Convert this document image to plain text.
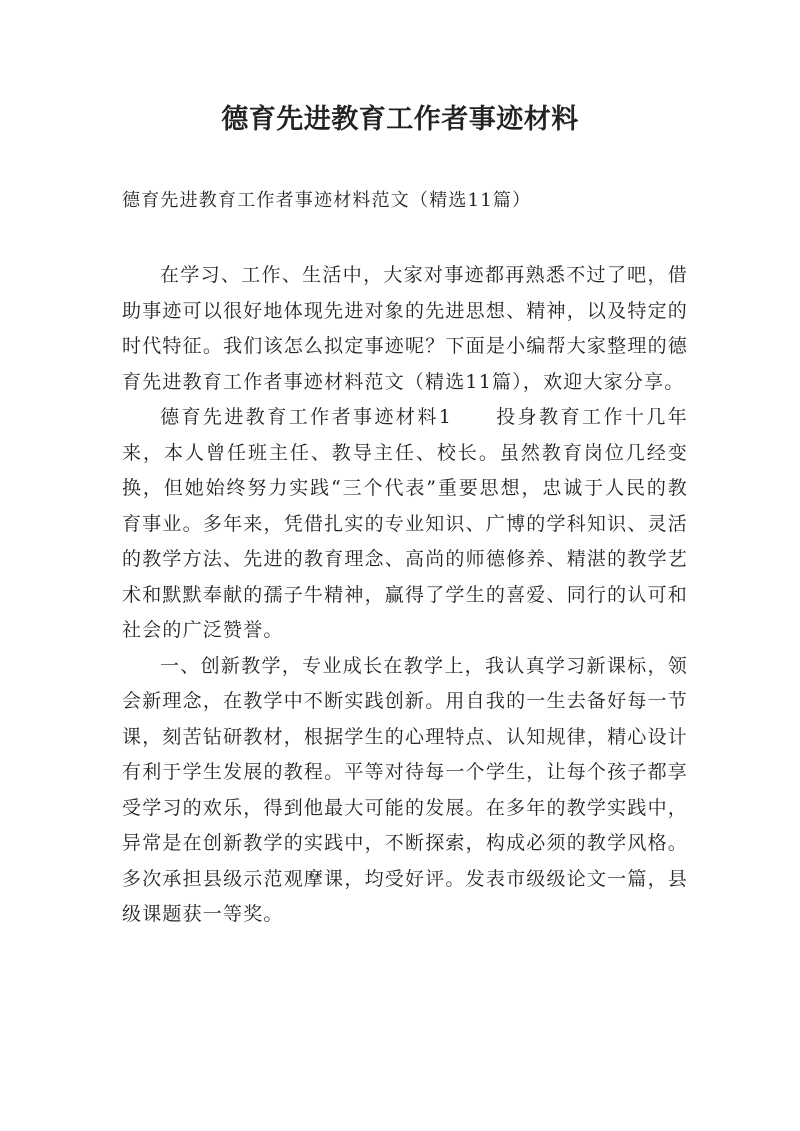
德育先进教育工作者事迹材料

德育先进教育工作者事迹材料范文（精选11篇）

在学习、工作、生活中，大家对事迹都再熟悉不过了吧，借助事迹可以很好地体现先进对象的先进思想、精神，以及特定的时代特征。我们该怎么拟定事迹呢？下面是小编帮大家整理的德育先进教育工作者事迹材料范文（精选11篇），欢迎大家分享。

德育先进教育工作者事迹材料1　　投身教育工作十几年来，本人曾任班主任、教导主任、校长。虽然教育岗位几经变换，但她始终努力实践“三个代表”重要思想，忠诚于人民的教育事业。多年来，凭借扎实的专业知识、广博的学科知识、灵活的教学方法、先进的教育理念、高尚的师德修养、精湛的教学艺术和默默奉献的孺子牛精神，赢得了学生的喜爱、同行的认可和社会的广泛赞誉。

一、创新教学，专业成长在教学上，我认真学习新课标，领会新理念，在教学中不断实践创新。用自我的一生去备好每一节课，刻苦钻研教材，根据学生的心理特点、认知规律，精心设计有利于学生发展的教程。平等对待每一个学生，让每个孩子都享受学习的欢乐，得到他最大可能的发展。在多年的教学实践中，异常是在创新教学的实践中，不断探索，构成必须的教学风格。多次承担县级示范观摩课，均受好评。发表市级级论文一篇，县级课题获一等奖。
